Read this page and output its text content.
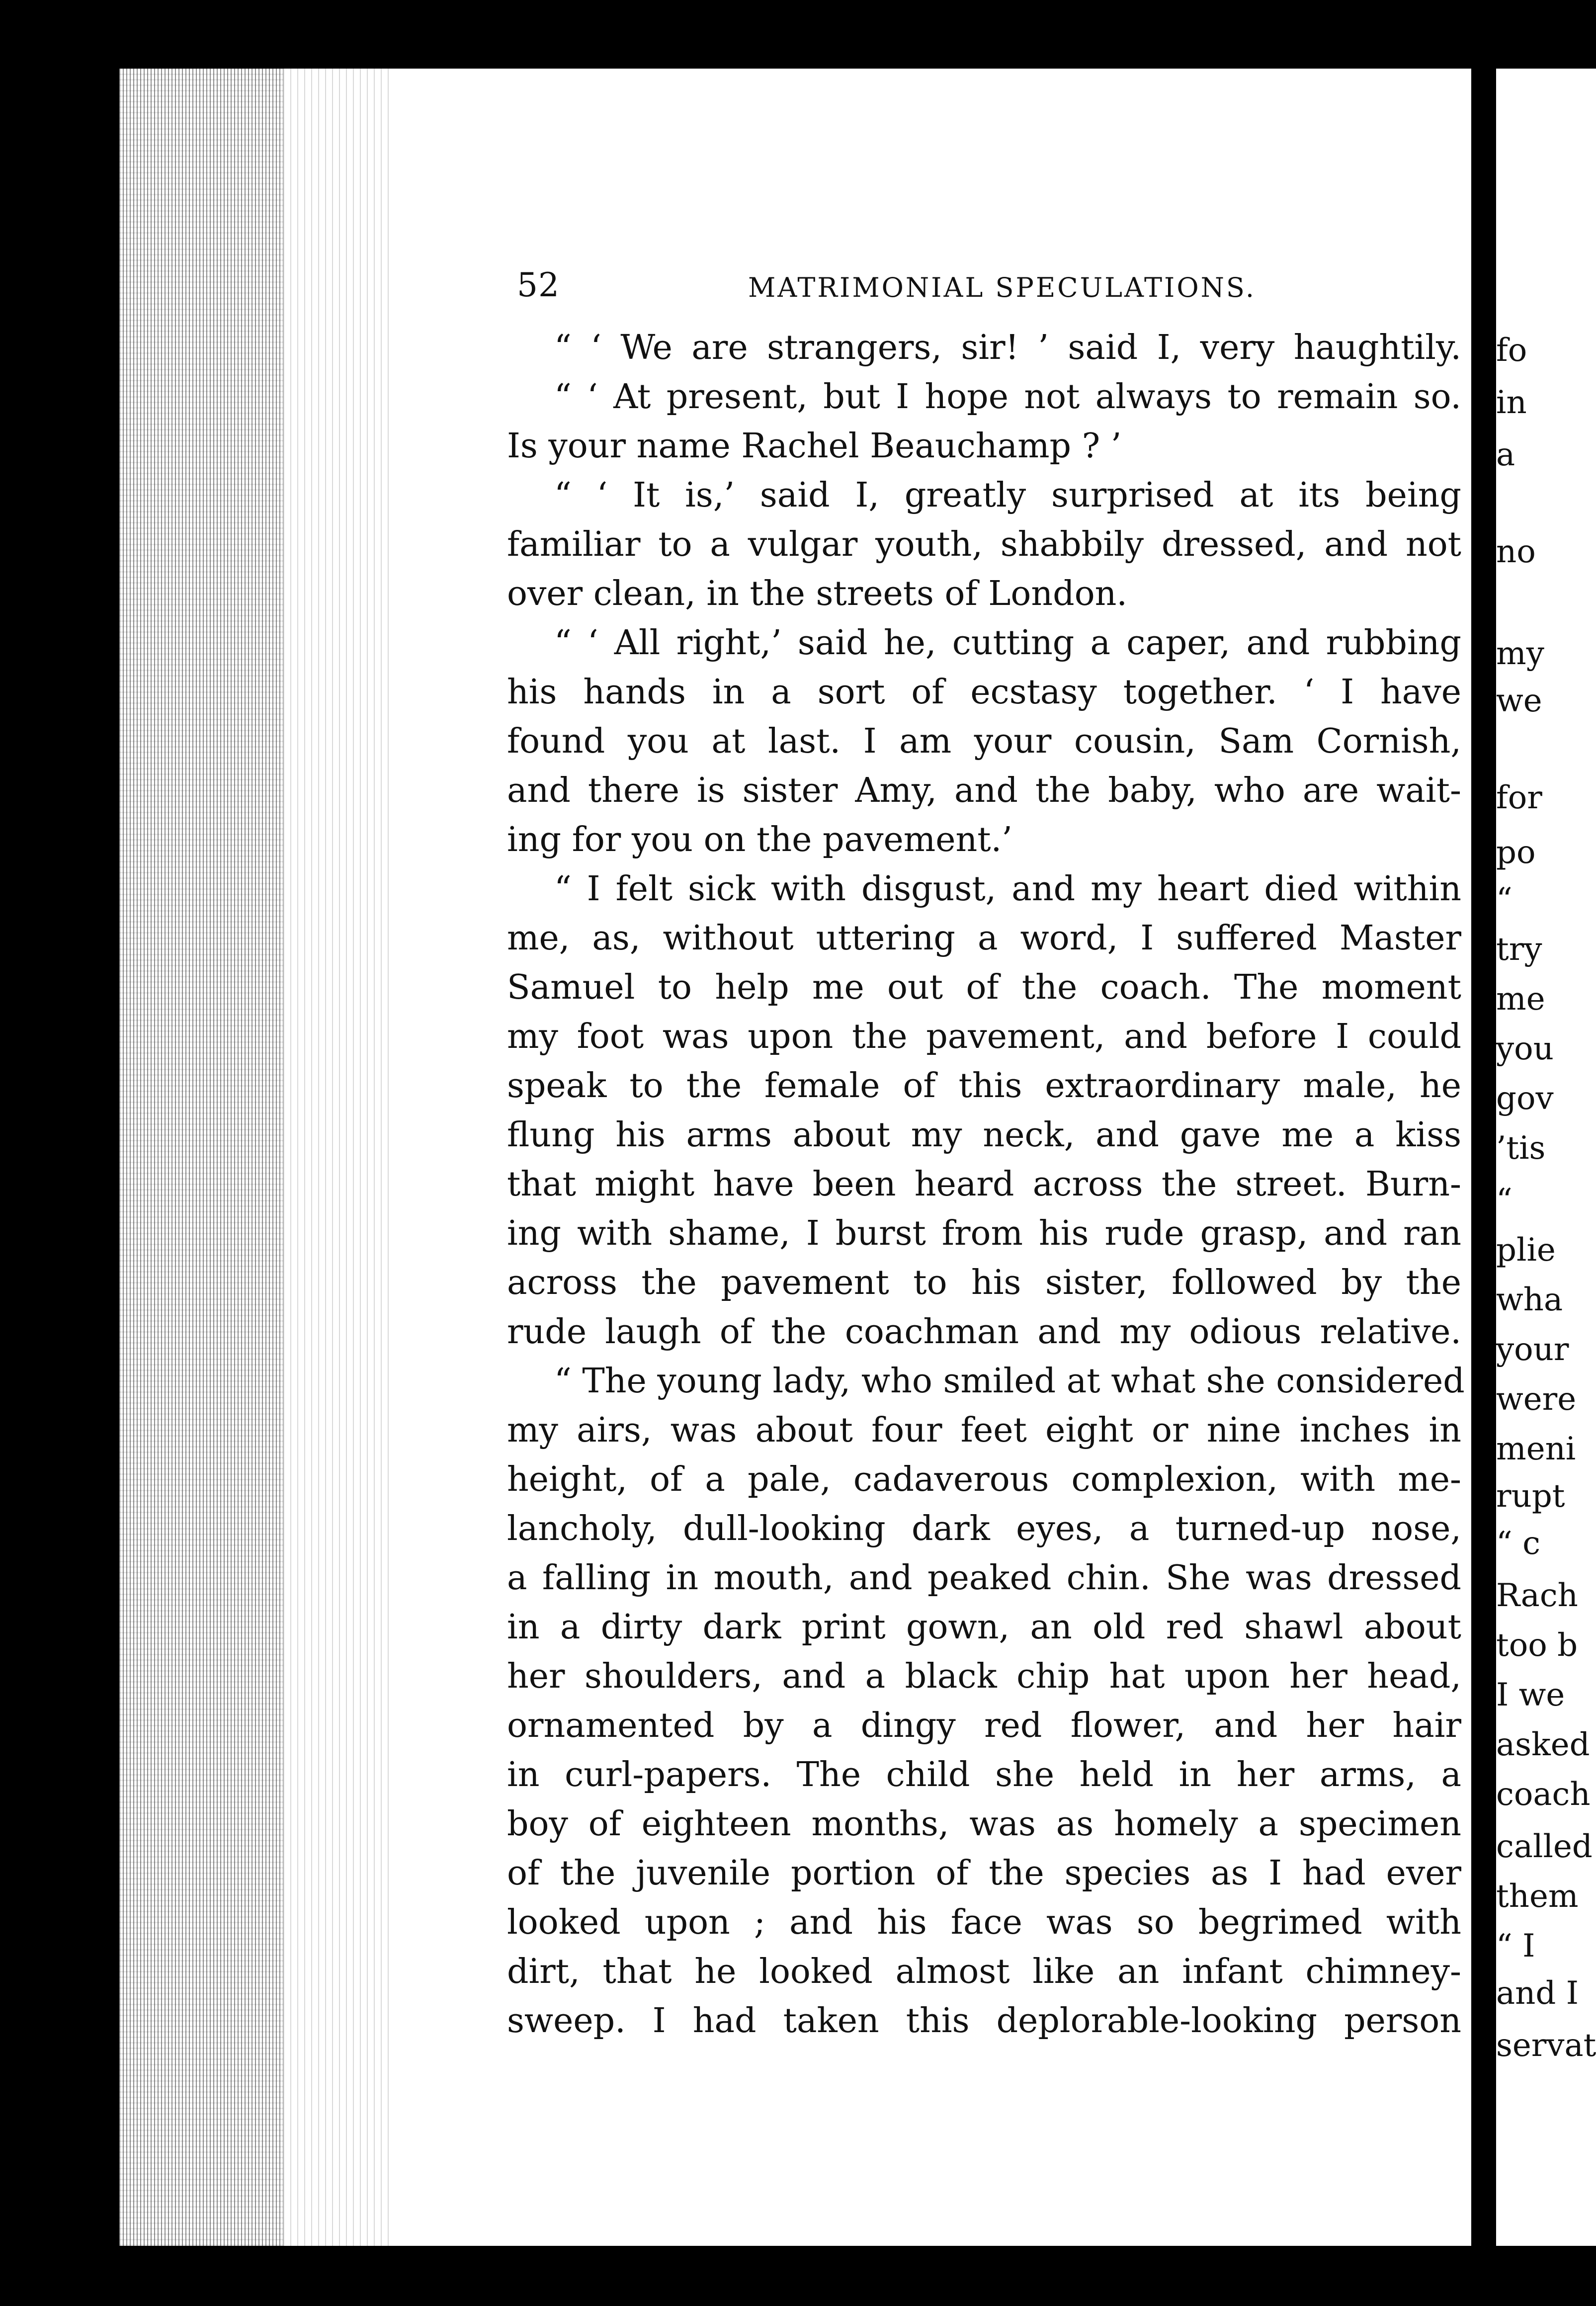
fo
in
a
no
my
we
for
po
“
try
me
you
gov
’tis
“
plie
wha
your
were
meni
rupt
“ c
Rach
too b
I we
asked
coach
called
them
“ I
and I
servat
52	MATRIMONIAL SPECULATIONS.
“ ‘ We are strangers, sir! ’ said I, very haughtily.
“ ‘ At present, but I hope not always to remain so.
Is your name Rachel Beauchamp ? ’
“ ‘ It is,’ said I, greatly surprised at its being
familiar to a vulgar youth, shabbily dressed, and not
over clean, in the streets of London.
“ ‘ All right,’ said he, cutting a caper, and rubbing
his hands in a sort of ecstasy together. ‘ I have
found you at last. I am your cousin, Sam Cornish,
and there is sister Amy, and the baby, who are wait-
ing for you on the pavement.’
“ I felt sick with disgust, and my heart died within
me, as, without uttering a word, I suffered Master
Samuel to help me out of the coach. The moment
my foot was upon the pavement, and before I could
speak to the female of this extraordinary male, he
flung his arms about my neck, and gave me a kiss
that might have been heard across the street. Burn-
ing with shame, I burst from his rude grasp, and ran
across the pavement to his sister, followed by the
rude laugh of the coachman and my odious relative.
“ The young lady, who smiled at what she considered
my airs, was about four feet eight or nine inches in
height, of a pale, cadaverous complexion, with me-
lancholy, dull-looking dark eyes, a turned-up nose,
a falling in mouth, and peaked chin. She was dressed
in a dirty dark print gown, an old red shawl about
her shoulders, and a black chip hat upon her head,
ornamented by a dingy red flower, and her hair
in curl-papers. The child she held in her arms, a
boy of eighteen months, was as homely a specimen
of the juvenile portion of the species as I had ever
looked upon ; and his face was so begrimed with
dirt, that he looked almost like an infant chimney-
sweep. I had taken this deplorable-looking person
